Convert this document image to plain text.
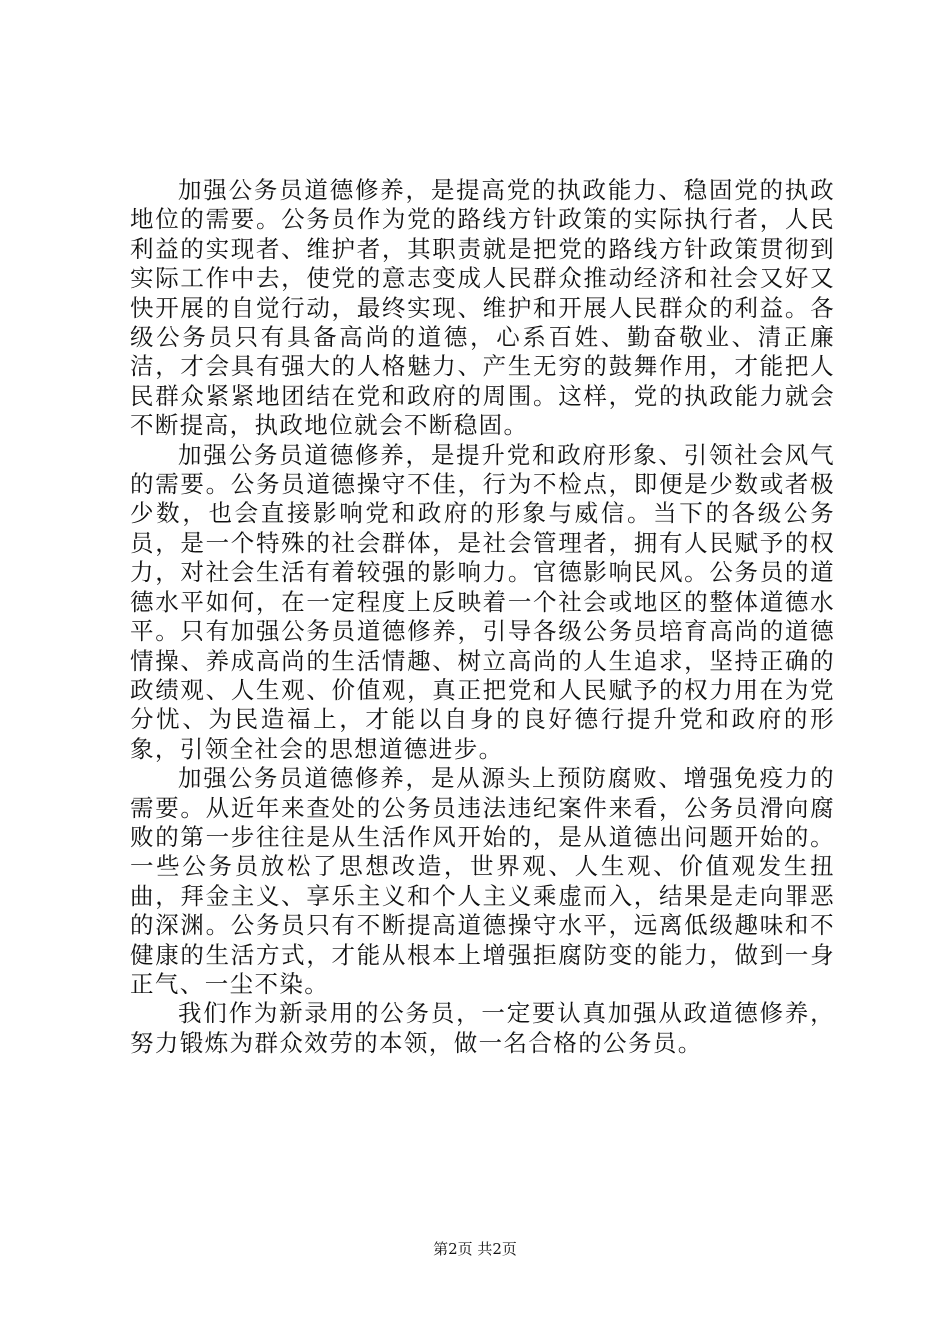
加强公务员道德修养，是提高党的执政能力、稳固党的执政地位的需要。公务员作为党的路线方针政策的实际执行者，人民利益的实现者、维护者，其职责就是把党的路线方针政策贯彻到实际工作中去，使党的意志变成人民群众推动经济和社会又好又快开展的自觉行动，最终实现、维护和开展人民群众的利益。各级公务员只有具备高尚的道德，心系百姓、勤奋敬业、清正廉洁，才会具有强大的人格魅力、产生无穷的鼓舞作用，才能把人民群众紧紧地团结在党和政府的周围。这样，党的执政能力就会不断提高，执政地位就会不断稳固。

加强公务员道德修养，是提升党和政府形象、引领社会风气的需要。公务员道德操守不佳，行为不检点，即便是少数或者极少数，也会直接影响党和政府的形象与威信。当下的各级公务员，是一个特殊的社会群体，是社会管理者，拥有人民赋予的权力，对社会生活有着较强的影响力。官德影响民风。公务员的道德水平如何，在一定程度上反映着一个社会或地区的整体道德水平。只有加强公务员道德修养，引导各级公务员培育高尚的道德情操、养成高尚的生活情趣、树立高尚的人生追求，坚持正确的政绩观、人生观、价值观，真正把党和人民赋予的权力用在为党分忧、为民造福上，才能以自身的良好德行提升党和政府的形象，引领全社会的思想道德进步。

加强公务员道德修养，是从源头上预防腐败、增强免疫力的需要。从近年来查处的公务员违法违纪案件来看，公务员滑向腐败的第一步往往是从生活作风开始的，是从道德出问题开始的。一些公务员放松了思想改造，世界观、人生观、价值观发生扭曲，拜金主义、享乐主义和个人主义乘虚而入，结果是走向罪恶的深渊。公务员只有不断提高道德操守水平，远离低级趣味和不健康的生活方式，才能从根本上增强拒腐防变的能力，做到一身正气、一尘不染。

我们作为新录用的公务员，一定要认真加强从政道德修养，努力锻炼为群众效劳的本领，做一名合格的公务员。

第2页 共2页
